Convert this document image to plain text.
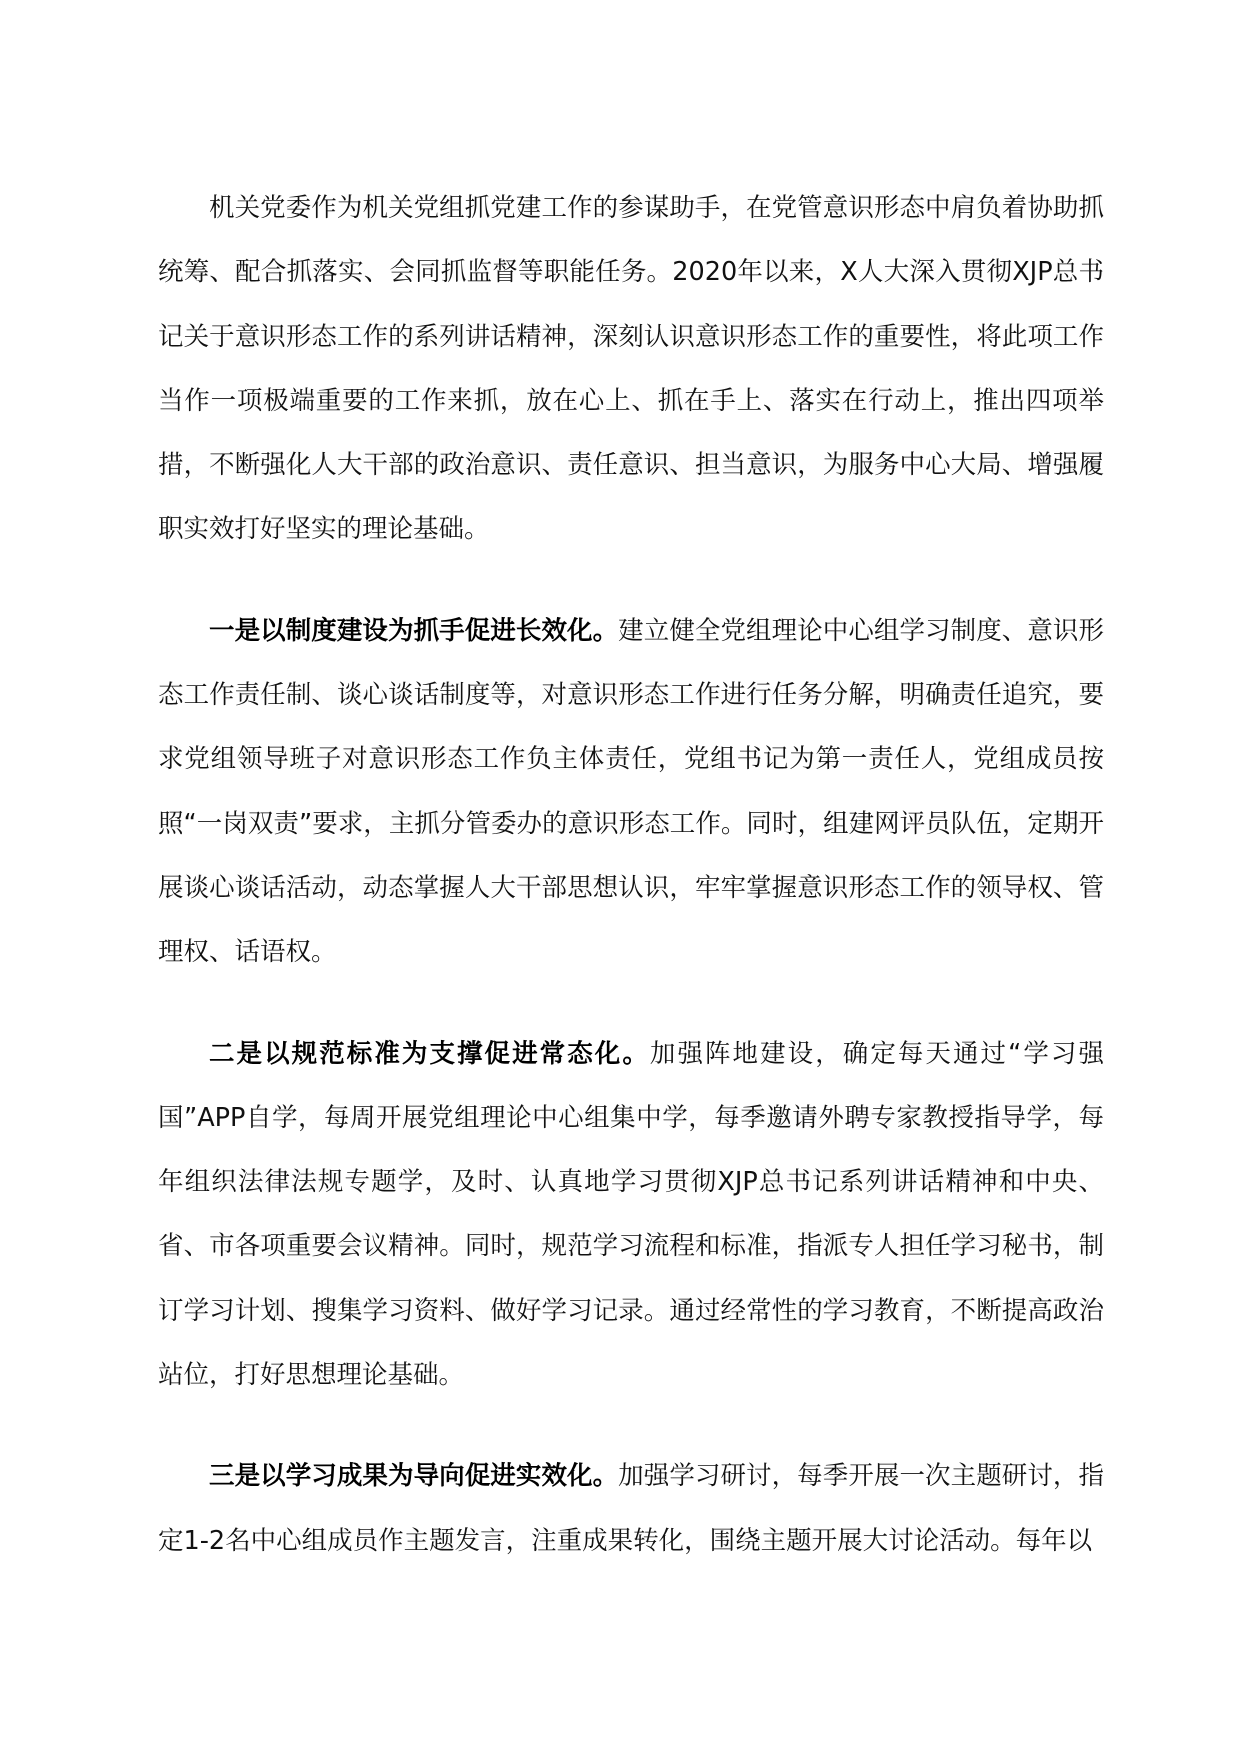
机关党委作为机关党组抓党建工作的参谋助手，在党管意识形态中肩负着协助抓统筹、配合抓落实、会同抓监督等职能任务。2020年以来，X人大深入贯彻XJP总书记关于意识形态工作的系列讲话精神，深刻认识意识形态工作的重要性，将此项工作当作一项极端重要的工作来抓，放在心上、抓在手上、落实在行动上，推出四项举措，不断强化人大干部的政治意识、责任意识、担当意识，为服务中心大局、增强履职实效打好坚实的理论基础。

一是以制度建设为抓手促进长效化。建立健全党组理论中心组学习制度、意识形态工作责任制、谈心谈话制度等，对意识形态工作进行任务分解，明确责任追究，要求党组领导班子对意识形态工作负主体责任，党组书记为第一责任人，党组成员按照“一岗双责”要求，主抓分管委办的意识形态工作。同时，组建网评员队伍，定期开展谈心谈话活动，动态掌握人大干部思想认识，牢牢掌握意识形态工作的领导权、管理权、话语权。

二是以规范标准为支撑促进常态化。加强阵地建设，确定每天通过“学习强国”APP自学，每周开展党组理论中心组集中学，每季邀请外聘专家教授指导学，每年组织法律法规专题学，及时、认真地学习贯彻XJP总书记系列讲话精神和中央、省、市各项重要会议精神。同时，规范学习流程和标准，指派专人担任学习秘书，制订学习计划、搜集学习资料、做好学习记录。通过经常性的学习教育，不断提高政治站位，打好思想理论基础。

三是以学习成果为导向促进实效化。加强学习研讨，每季开展一次主题研讨，指定1-2名中心组成员作主题发言，注重成果转化，围绕主题开展大讨论活动。每年以
